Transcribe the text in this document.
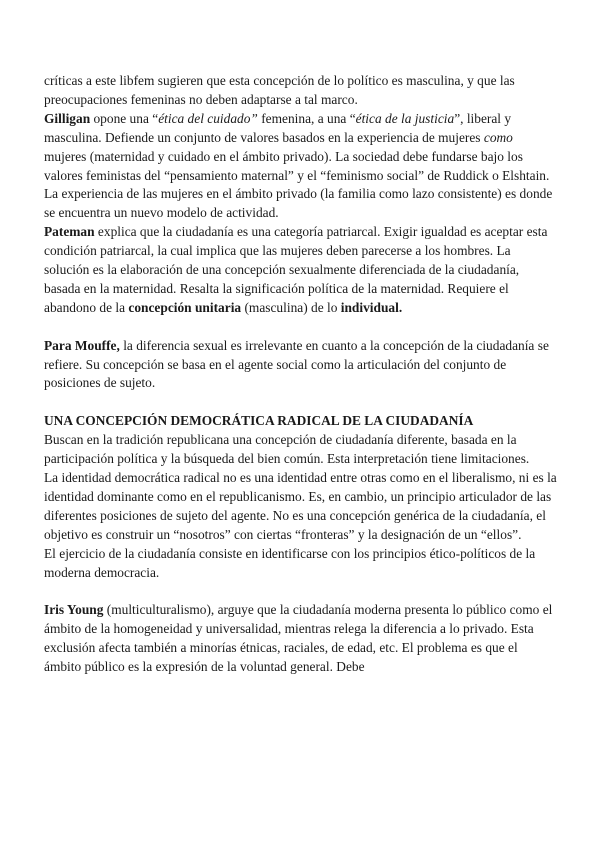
críticas a este libfem sugieren que esta concepción de lo político es masculina, y que las preocupaciones femeninas no deben adaptarse a tal marco.

Gilligan opone una “ética del cuidado” femenina, a una “ética de la justicia”, liberal y masculina. Defiende un conjunto de valores basados en la experiencia de mujeres como mujeres (maternidad y cuidado en el ámbito privado). La sociedad debe fundarse bajo los valores feministas del “pensamiento maternal” y el “feminismo social” de Ruddick o Elshtain. La experiencia de las mujeres en el ámbito privado (la familia como lazo consistente) es donde se encuentra un nuevo modelo de actividad.

Pateman explica que la ciudadanía es una categoría patriarcal. Exigir igualdad es aceptar esta condición patriarcal, la cual implica que las mujeres deben parecerse a los hombres. La solución es la elaboración de una concepción sexualmente diferenciada de la ciudadanía, basada en la maternidad. Resalta la significación política de la maternidad. Requiere el abandono de la concepción unitaria (masculina) de lo individual.

Para Mouffe, la diferencia sexual es irrelevante en cuanto a la concepción de la ciudadanía se refiere. Su concepción se basa en el agente social como la articulación del conjunto de posiciones de sujeto.

UNA CONCEPCIÓN DEMOCRÁTICA RADICAL DE LA CIUDADANÍA

Buscan en la tradición republicana una concepción de ciudadanía diferente, basada en la participación política y la búsqueda del bien común. Esta interpretación tiene limitaciones.

La identidad democrática radical no es una identidad entre otras como en el liberalismo, ni es la identidad dominante como en el republicanismo. Es, en cambio, un principio articulador de las diferentes posiciones de sujeto del agente. No es una concepción genérica de la ciudadanía, el objetivo es construir un “nosotros” con ciertas “fronteras” y la designación de un “ellos”.

El ejercicio de la ciudadanía consiste en identificarse con los principios ético-políticos de la moderna democracia.

Iris Young (multiculturalismo), arguye que la ciudadanía moderna presenta lo público como el ámbito de la homogeneidad y universalidad, mientras relega la diferencia a lo privado. Esta exclusión afecta también a minorías étnicas, raciales, de edad, etc. El problema es que el ámbito público es la expresión de la voluntad general. Debe
